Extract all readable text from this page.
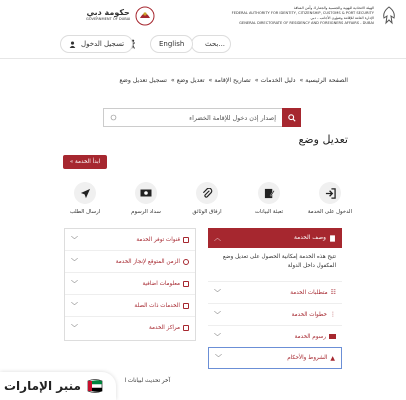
الهيئة الاتحادية للهوية والجنسية والجمارك وأمن المنافذ
FEDERAL AUTHORITY FOR IDENTITY, CITIZENSHIP, CUSTOMS & PORT SECURITY
الإدارة العامة للإقامة وشؤون الأجانب - دبي
GENERAL DIRECTORATE OF RESIDENCY AND FOREIGNERS AFFAIRS - DUBAI
حكومة دبي
GOVERNMENT OF DUBAI
بحث...
English
تسجيل الدخول
الصفحة الرئيسية» دليل الخدمات» تصاريح الإقامة» تعديل وضع» تسجيل تعديل وضع
إصدار إذن دخول للإقامة الخضراء
تعديل وضع
ابدأ الخدمة »
الدخول على الخدمة
تعبئة البيانات
ارفاق الوثائق
سداد الرسوم
ارسال الطلب
قنوات توفر الخدمة
﹀
الزمن المتوقع لإنجاز الخدمة
﹀
معلومات اضافية
﹀
الخدمات ذات الصلة
﹀
مراكز الخدمة
﹀
وصف الخدمة
︿
تتيح هذه الخدمة إمكانية الحصول على تعديل وضع المكفول داخل الدولة
☷
متطلبات الخدمة
﹀
⋮
خطوات الخدمة
﹀
رسوم الخدمة
﹀
▲
الشروط والأحكام
﹀
آخر تحديث لبيانات ا
منبر الإمارات
